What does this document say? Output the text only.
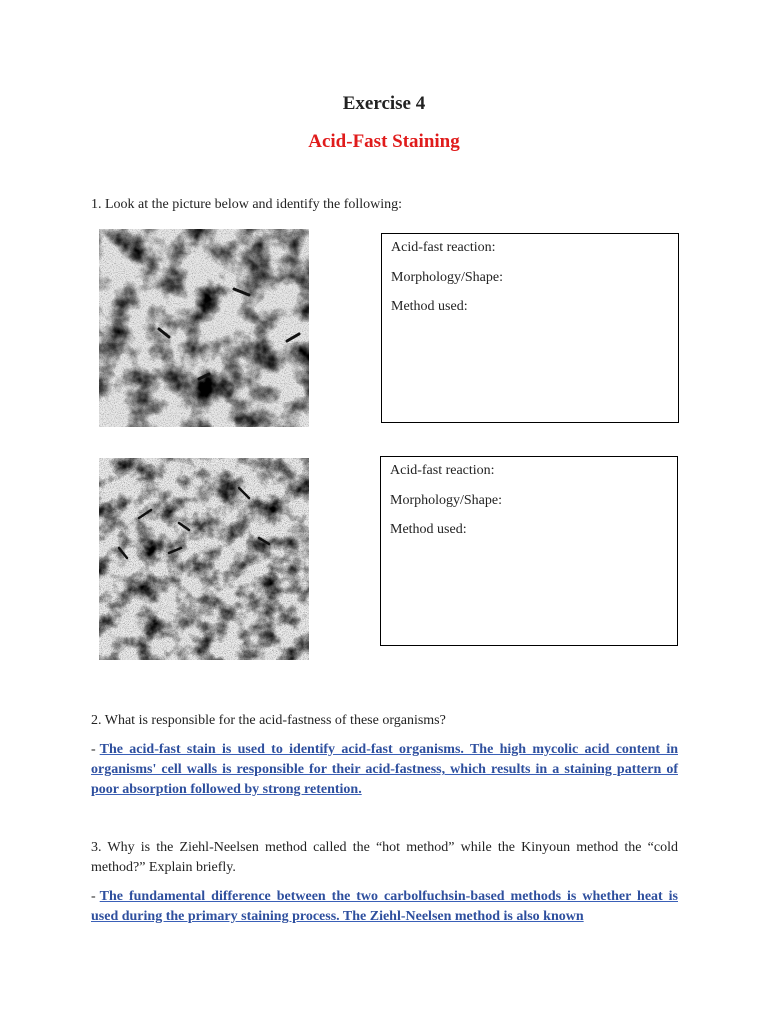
Exercise 4
Acid-Fast Staining
1. Look at the picture below and identify the following:
Acid-fast reaction:
Morphology/Shape:
Method used:
Acid-fast reaction:
Morphology/Shape:
Method used:
2. What is responsible for the acid-fastness of these organisms?
- The acid-fast stain is used to identify acid-fast organisms. The high mycolic acid content in organisms' cell walls is responsible for their acid-fastness, which results in a staining pattern of poor absorption followed by strong retention.
3. Why is the Ziehl-Neelsen method called the “hot method” while the Kinyoun method the “cold method?” Explain briefly.
- The fundamental difference between the two carbolfuchsin-based methods is whether heat is used during the primary staining process. The Ziehl-Neelsen method is also known
